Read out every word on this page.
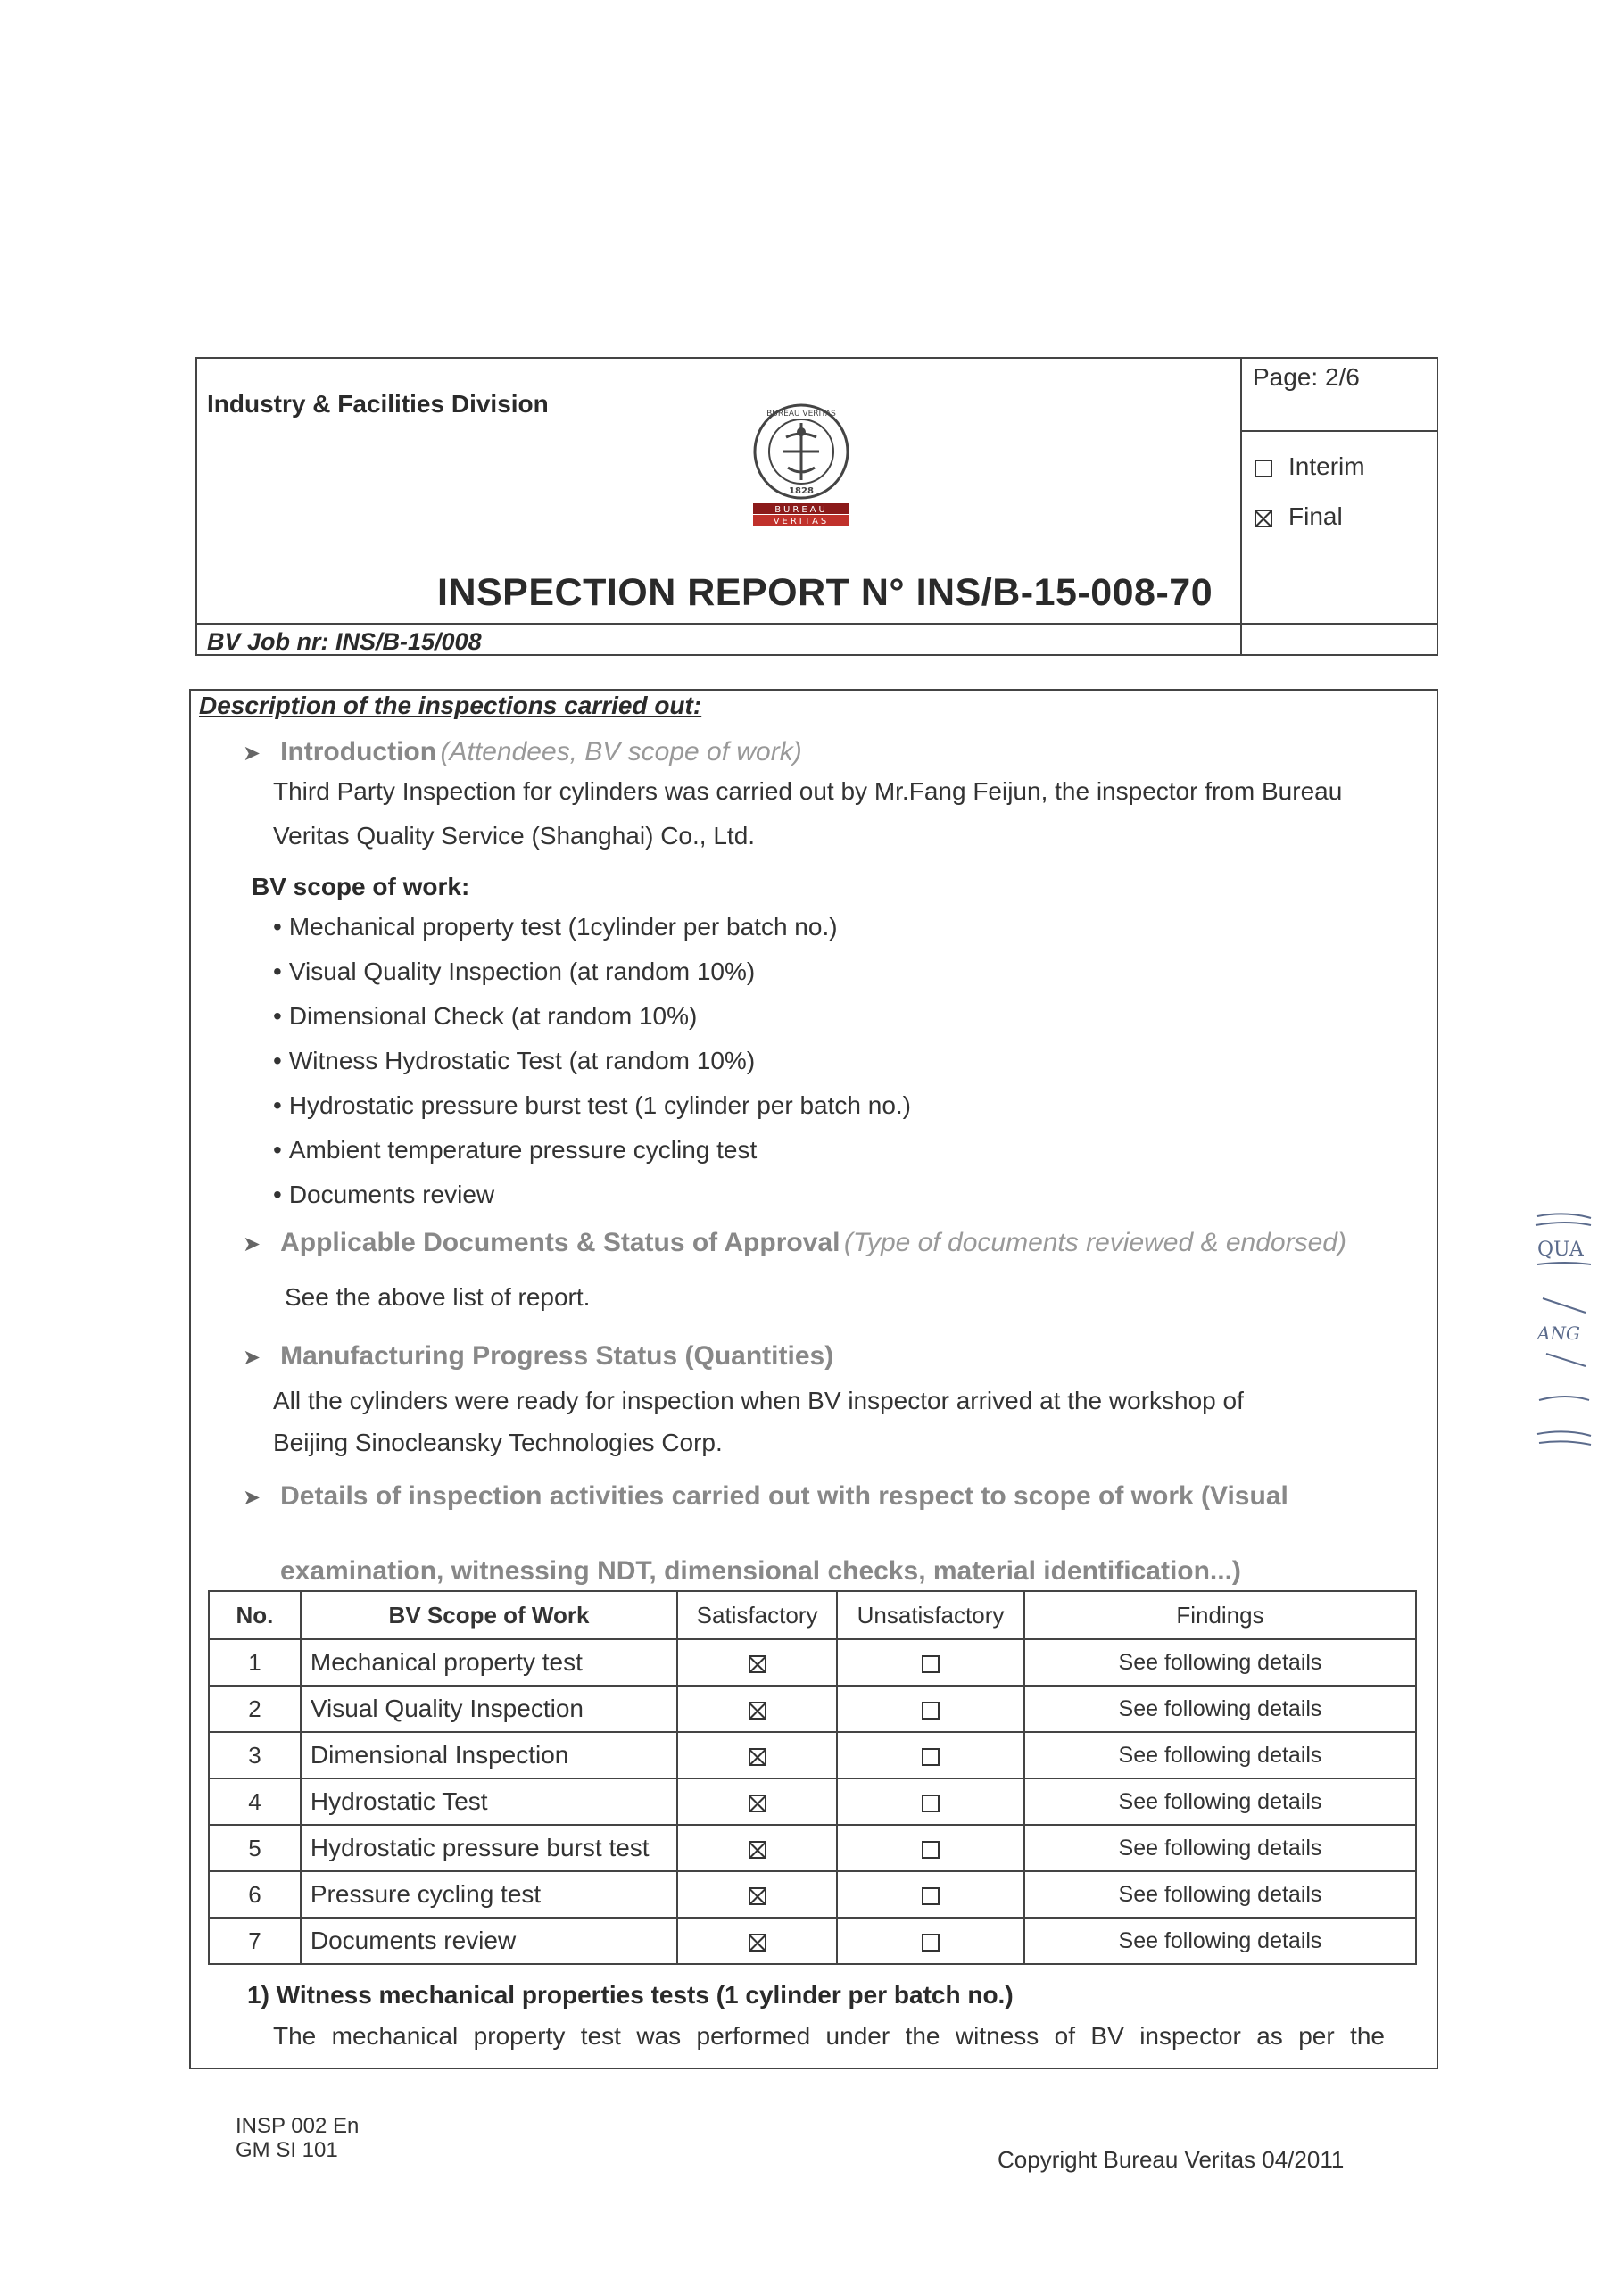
Industry & Facilities Division	BUREAU VERITAS
1828
BUREAU
VERITAS
INSPECTION REPORT N° INS/B-15-008-70
BV Job nr: INS/B-15/008
Page: 2/6
Interim
Final
Description of the inspections carried out:
➤ Introduction (Attendees, BV scope of work)
Third Party Inspection for cylinders was carried out by Mr.Fang Feijun, the inspector from Bureau
Veritas Quality Service (Shanghai) Co., Ltd.
BV scope of work:
• Mechanical property test (1cylinder per batch no.)
• Visual Quality Inspection (at random 10%)
• Dimensional Check (at random 10%)
• Witness Hydrostatic Test (at random 10%)
• Hydrostatic pressure burst test (1 cylinder per batch no.)
• Ambient temperature pressure cycling test
• Documents review
➤ Applicable Documents & Status of Approval (Type of documents reviewed & endorsed)
See the above list of report.
➤ Manufacturing Progress Status (Quantities)
All the cylinders were ready for inspection when BV inspector arrived at the workshop of
Beijing Sinocleansky Technologies Corp.
➤ Details of inspection activities carried out with respect to scope of work (Visual
examination, witnessing NDT, dimensional checks, material identification...)
No.	BV Scope of Work	Satisfactory	Unsatisfactory	Findings
1	Mechanical property test			See following details
2	Visual Quality Inspection			See following details
3	Dimensional Inspection			See following details
4	Hydrostatic Test			See following details
5	Hydrostatic pressure burst test			See following details
6	Pressure cycling test			See following details
7	Documents review			See following details
1) Witness mechanical properties tests (1 cylinder per batch no.)
The mechanical property test was performed under the witness of BV inspector as per the
INSP 002 En
GM SI 101	Copyright Bureau Veritas 04/2011
QUA
ANG
